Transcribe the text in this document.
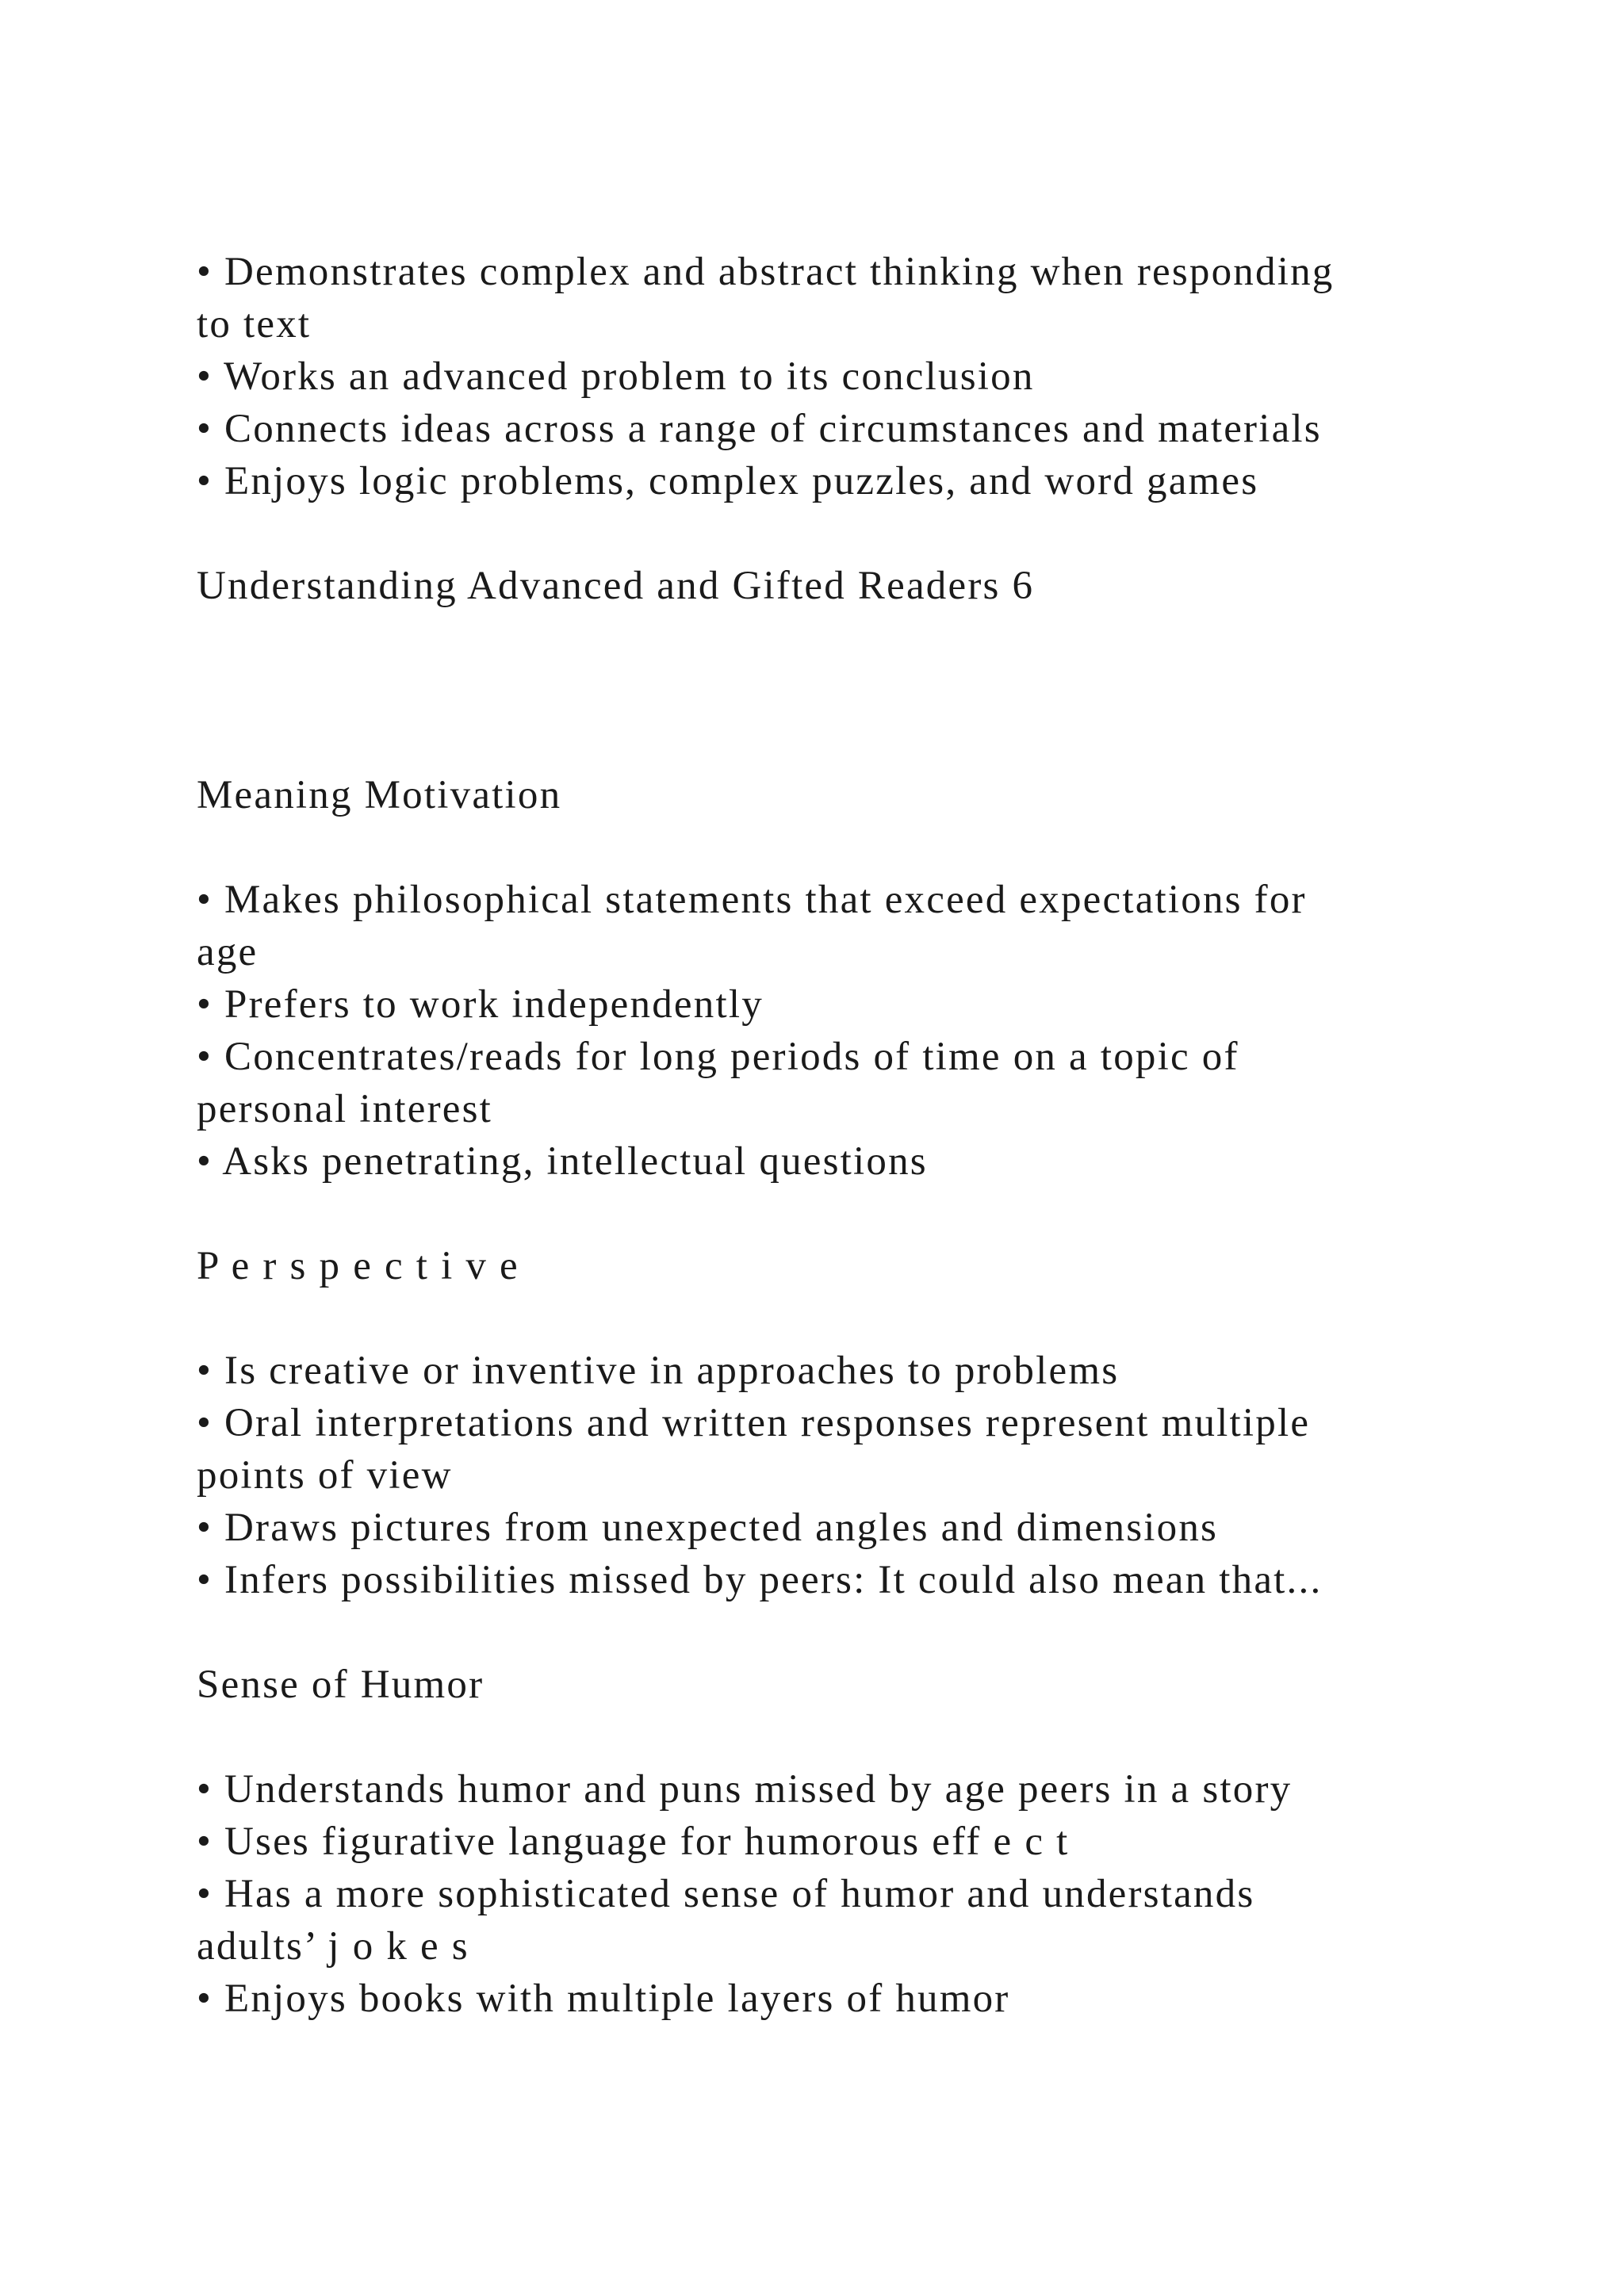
• Demonstrates complex and abstract thinking when responding

to text

• Works an advanced problem to its conclusion

• Connects ideas across a range of circumstances and materials

• Enjoys logic problems, complex puzzles, and word games

Understanding Advanced and Gifted Readers 6

Meaning Motivation

• Makes philosophical statements that exceed expectations for

age

• Prefers to work independently

• Concentrates/reads for long periods of time on a topic of

personal interest

• Asks penetrating, intellectual questions

P e r s p e c t i v e

• Is creative or inventive in approaches to problems

• Oral interpretations and written responses represent multiple

points of view

• Draws pictures from unexpected angles and dimensions

• Infers possibilities missed by peers: It could also mean that...

Sense of Humor

• Understands humor and puns missed by age peers in a story

• Uses figurative language for humorous eff e c t

• Has a more sophisticated sense of humor and understands

adults’ j o k e s

• Enjoys books with multiple layers of humor
